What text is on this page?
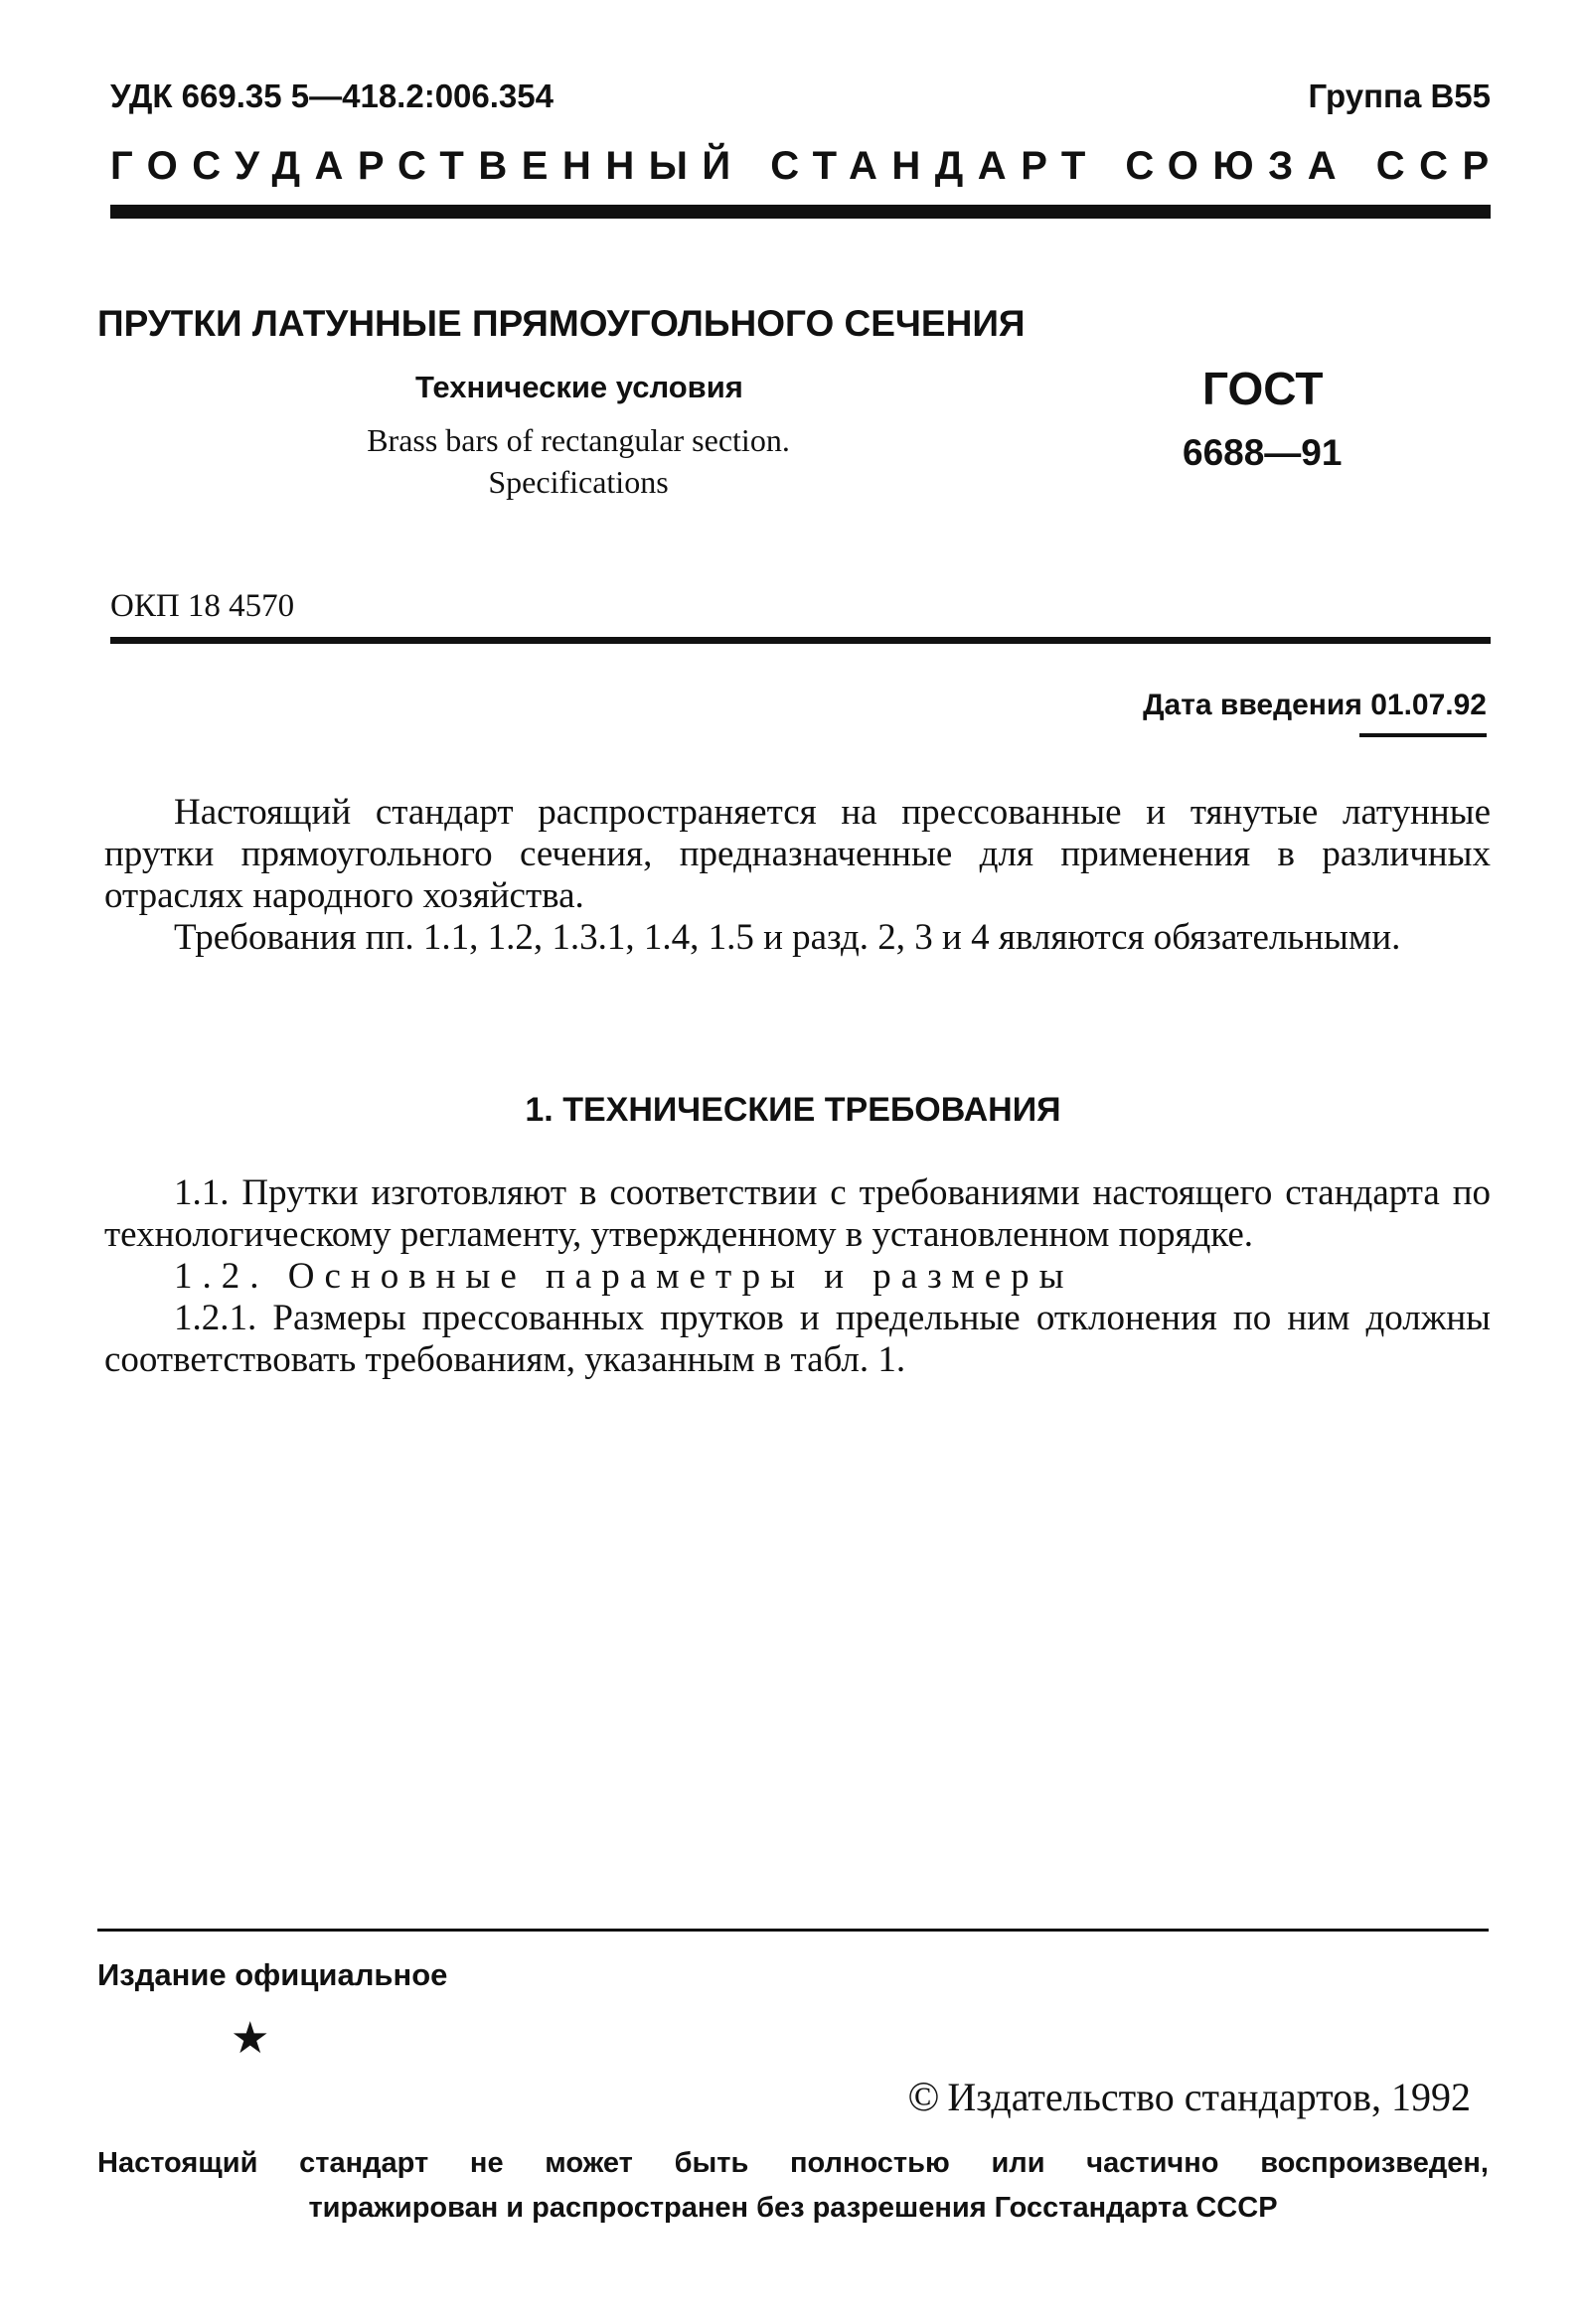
УДК 669.35 5—418.2:006.354	Группа В55
ГОСУДАРСТВЕННЫЙ СТАНДАРТ СОЮЗА ССР
ПРУТКИ ЛАТУННЫЕ ПРЯМОУГОЛЬНОГО СЕЧЕНИЯ
Технические условия
Brass bars of rectangular section.
Specifications
ГОСТ
6688—91
ОКП 18 4570
Дата введения 01.07.92

Настоящий стандарт распространяется на прессованные и тянутые латунные прутки прямоугольного сечения, предназначенные для применения в различных отраслях народного хозяйства.

Требования пп. 1.1, 1.2, 1.3.1, 1.4, 1.5 и разд. 2, 3 и 4 являются обязательными.

1. ТЕХНИЧЕСКИЕ ТРЕБОВАНИЯ

1.1. Прутки изготовляют в соответствии с требованиями настоящего стандарта по технологическому регламенту, утвержденному в установленном порядке.

1.2. Основные параметры и размеры

1.2.1. Размеры прессованных прутков и предельные отклонения по ним должны соответствовать требованиям, указанным в табл. 1.

Издание официальное
★
© Издательство стандартов, 1992
Настоящий стандарт не может быть полностью или частично воспроизведен,
тиражирован и распространен без разрешения Госстандарта СССР
